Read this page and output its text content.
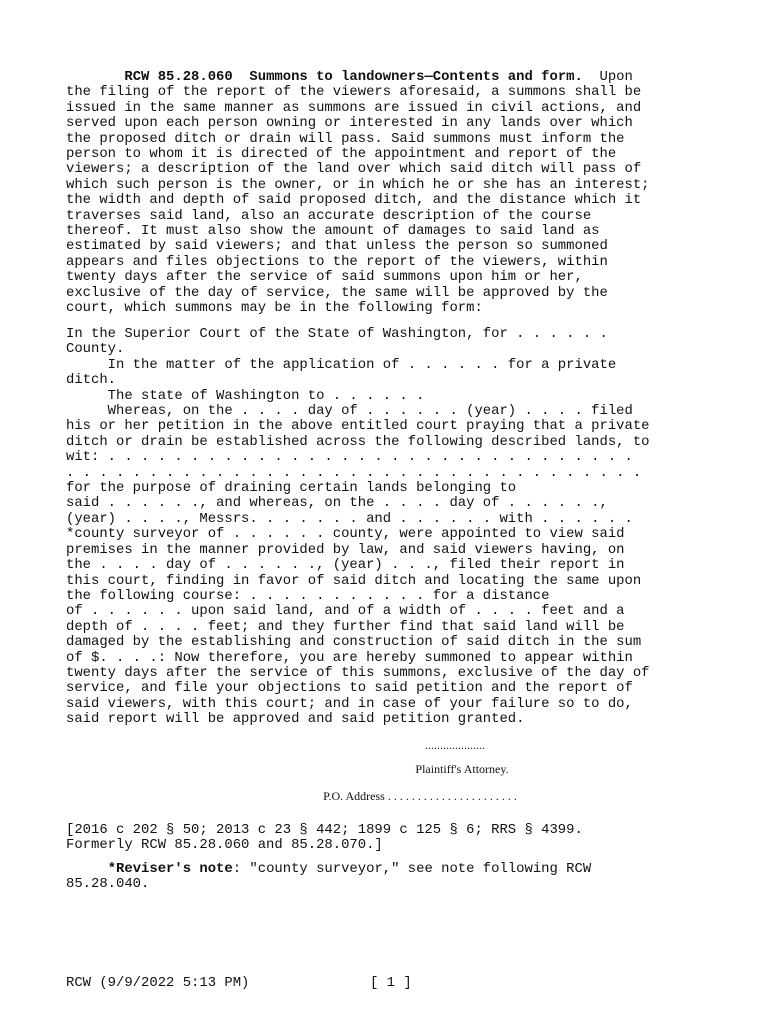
RCW 85.28.060  Summons to landowners—Contents and form.  Upon
the filing of the report of the viewers aforesaid, a summons shall be
issued in the same manner as summons are issued in civil actions, and
served upon each person owning or interested in any lands over which
the proposed ditch or drain will pass. Said summons must inform the
person to whom it is directed of the appointment and report of the
viewers; a description of the land over which said ditch will pass of
which such person is the owner, or in which he or she has an interest;
the width and depth of said proposed ditch, and the distance which it
traverses said land, also an accurate description of the course
thereof. It must also show the amount of damages to said land as
estimated by said viewers; and that unless the person so summoned
appears and files objections to the report of the viewers, within
twenty days after the service of said summons upon him or her,
exclusive of the day of service, the same will be approved by the
court, which summons may be in the following form:
In the Superior Court of the State of Washington, for . . . . . .
County.
In the matter of the application of . . . . . . for a private
ditch.
The state of Washington to . . . . . .
Whereas, on the . . . . day of . . . . . . (year) . . . . filed
his or her petition in the above entitled court praying that a private
ditch or drain be established across the following described lands, to
wit: . . . . . . . . . . . . . . . . . . . . . . . . . . . . . . . .
. . . . . . . . . . . . . . . . . . . . . . . . . . . . . . . . . . .
for the purpose of draining certain lands belonging to
said . . . . . ., and whereas, on the . . . . day of . . . . . .,
(year) . . . ., Messrs. . . . . . . and . . . . . . with . . . . . .
*county surveyor of . . . . . . county, were appointed to view said
premises in the manner provided by law, and said viewers having, on
the . . . . day of . . . . . ., (year) . . ., filed their report in
this court, finding in favor of said ditch and locating the same upon
the following course: . . . . . . . . . . . for a distance
of . . . . . . upon said land, and of a width of . . . . feet and a
depth of . . . . feet; and they further find that said land will be
damaged by the establishing and construction of said ditch in the sum
of $. . . .: Now therefore, you are hereby summoned to appear within
twenty days after the service of this summons, exclusive of the day of
service, and file your objections to said petition and the report of
said viewers, with this court; and in case of your failure so to do,
said report will be approved and said petition granted.
....................
Plaintiff's Attorney.
P.O. Address . . . . . . . . . . . . . . . . . . . . . .
[2016 c 202 § 50; 2013 c 23 § 442; 1899 c 125 § 6; RRS § 4399.
Formerly RCW 85.28.060 and 85.28.070.]
*Reviser's note: "county surveyor," see note following RCW
85.28.040.
RCW (9/9/2022 5:13 PM)	[ 1 ]
